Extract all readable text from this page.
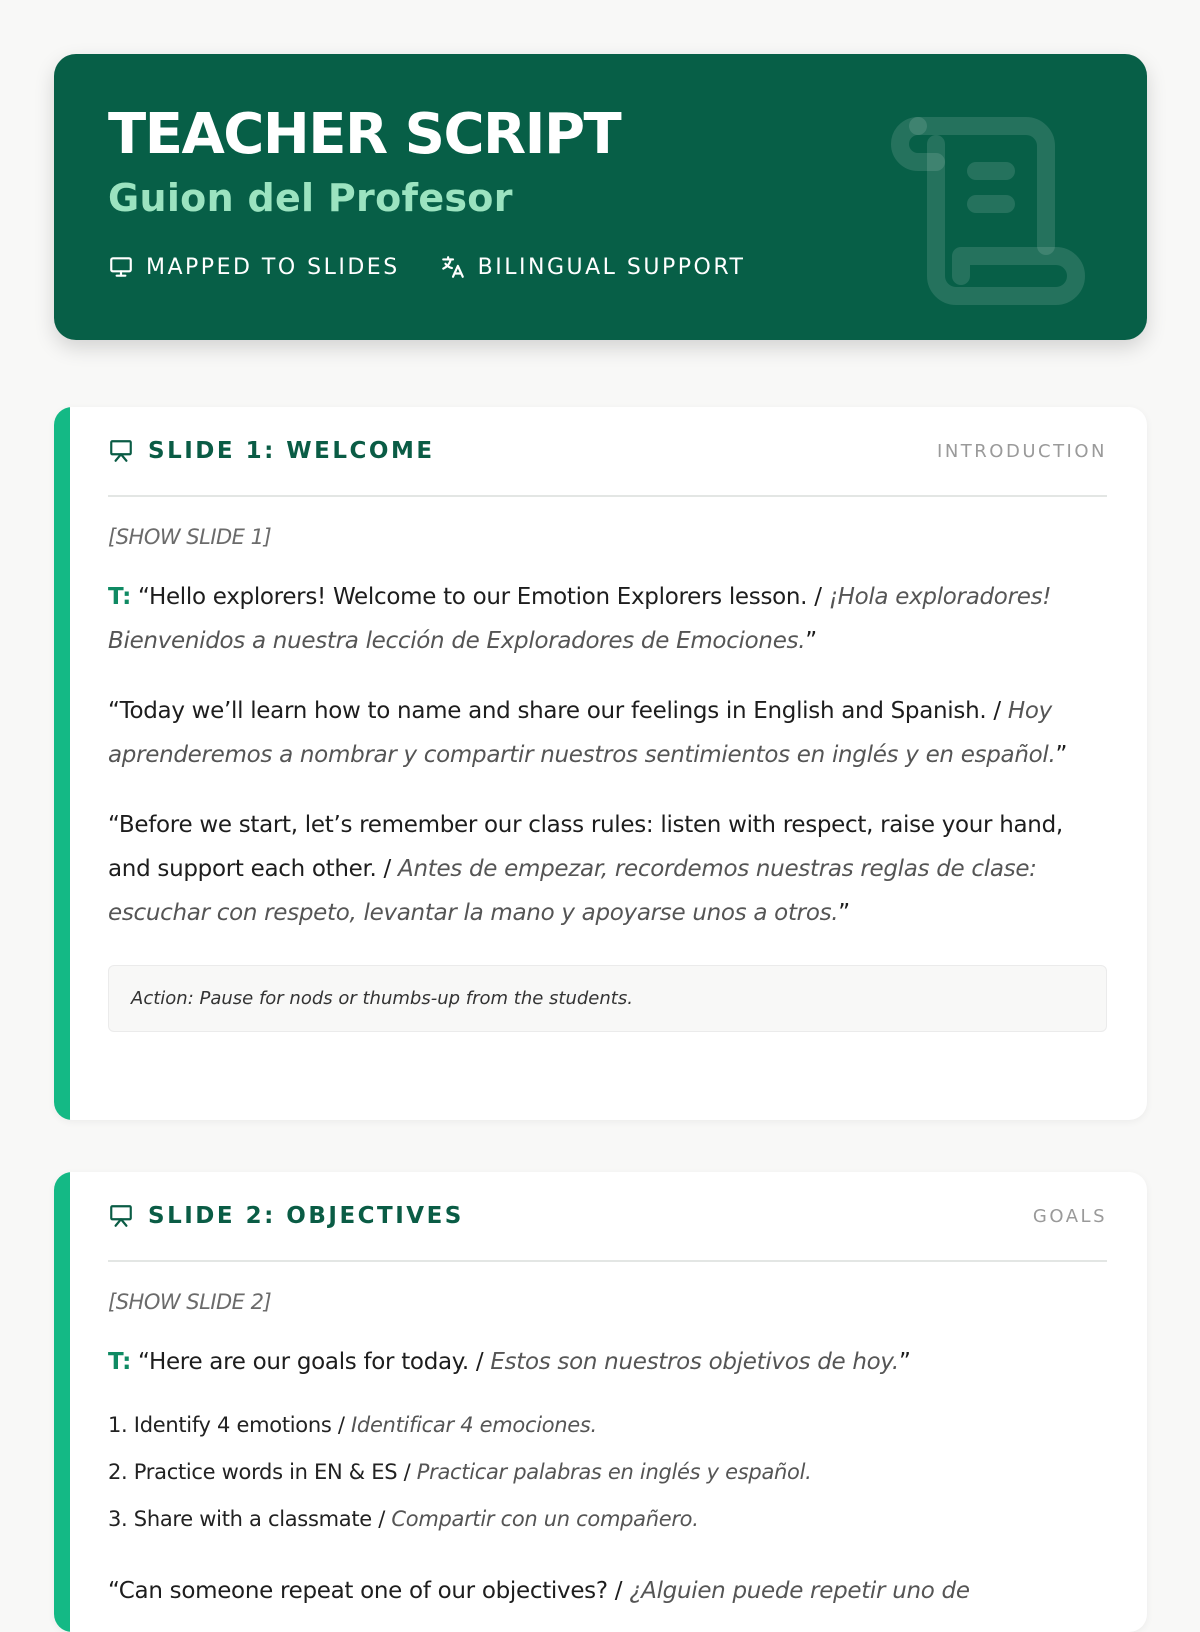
TEACHER SCRIPT
Guion del Profesor
MAPPED TO SLIDES	BILINGUAL SUPPORT
SLIDE 1: WELCOME	INTRODUCTION

[SHOW SLIDE 1]

T: “Hello explorers! Welcome to our Emotion Explorers lesson. / ¡Hola exploradores! Bienvenidos a nuestra lección de Exploradores de Emociones.”

“Today we’ll learn how to name and share our feelings in English and Spanish. / Hoy aprenderemos a nombrar y compartir nuestros sentimientos en inglés y en español.”

“Before we start, let’s remember our class rules: listen with respect, raise your hand, and support each other. / Antes de empezar, recordemos nuestras reglas de clase: escuchar con respeto, levantar la mano y apoyarse unos a otros.”

Action: Pause for nods or thumbs-up from the students.
SLIDE 2: OBJECTIVES	GOALS

[SHOW SLIDE 2]

T: “Here are our goals for today. / Estos son nuestros objetivos de hoy.”

1. Identify 4 emotions / Identificar 4 emociones.
2. Practice words in EN & ES / Practicar palabras en inglés y español.
3. Share with a classmate / Compartir con un compañero.

“Can someone repeat one of our objectives? / ¿Alguien puede repetir uno de
